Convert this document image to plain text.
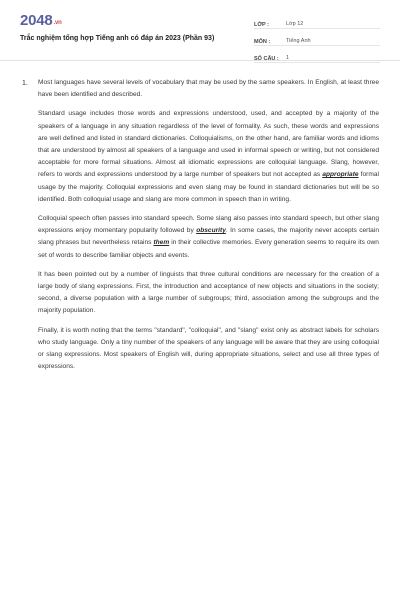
2048.vn
Trắc nghiệm tổng hợp Tiếng anh có đáp án 2023 (Phần 93)
LỚP :	Lớp 12
MÔN :	Tiếng Anh
SỐ CÂU :	1
1. Most languages have several levels of vocabulary that may be used by the same speakers. In English, at least three have been identified and described.

Standard usage includes those words and expressions understood, used, and accepted by a majority of the speakers of a language in any situation regardless of the level of formality. As such, these words and expressions are well defined and listed in standard dictionaries. Colloquialisms, on the other hand, are familiar words and idioms that are understood by almost all speakers of a language and used in informal speech or writing, but not considered acceptable for more formal situations. Almost all idiomatic expressions are colloquial language. Slang, however, refers to words and expressions understood by a large number of speakers but not accepted as appropriate formal usage by the majority. Colloquial expressions and even slang may be found in standard dictionaries but will be so identified. Both colloquial usage and slang are more common in speech than in writing.

Colloquial speech often passes into standard speech. Some slang also passes into standard speech, but other slang expressions enjoy momentary popularity followed by obscurity. In some cases, the majority never accepts certain slang phrases but nevertheless retains them in their collective memories. Every generation seems to require its own set of words to describe familiar objects and events.

It has been pointed out by a number of linguists that three cultural conditions are necessary for the creation of a large body of slang expressions. First, the introduction and acceptance of new objects and situations in the society; second, a diverse population with a large number of subgroups; third, association among the subgroups and the majority population.

Finally, it is worth noting that the terms "standard", "colloquial", and "slang" exist only as abstract labels for scholars who study language. Only a tiny number of the speakers of any language will be aware that they are using colloquial or slang expressions. Most speakers of English will, during appropriate situations, select and use all three types of expressions.
